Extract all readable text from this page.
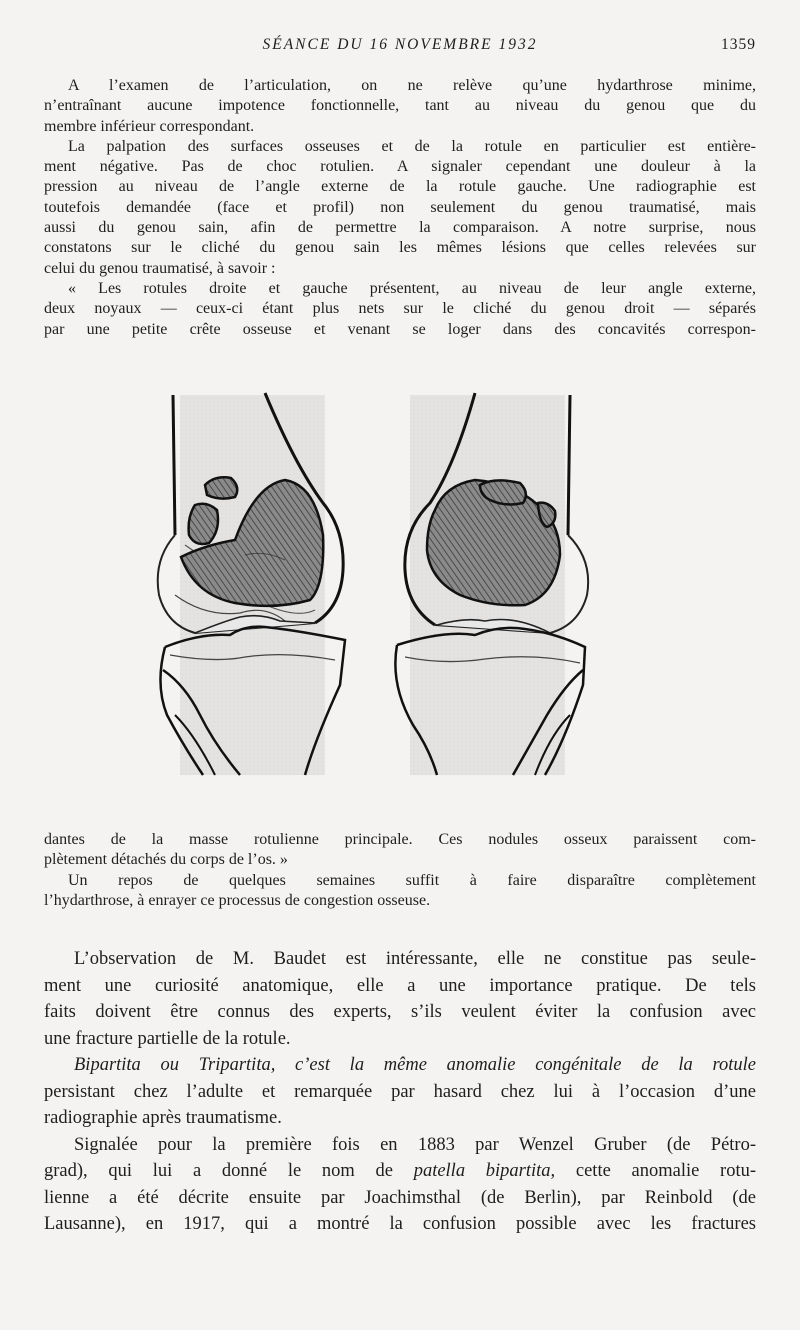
SÉANCE DU 16 NOVEMBRE 1932	1359
A l’examen de l’articulation, on ne relève qu’une hydarthrose minime,
n’entraînant aucune impotence fonctionnelle, tant au niveau du genou que du
membre inférieur correspondant.
La palpation des surfaces osseuses et de la rotule en particulier est entière-
ment négative. Pas de choc rotulien. A signaler cependant une douleur à la
pression au niveau de l’angle externe de la rotule gauche. Une radiographie est
toutefois demandée (face et profil) non seulement du genou traumatisé, mais
aussi du genou sain, afin de permettre la comparaison. A notre surprise, nous
constatons sur le cliché du genou sain les mêmes lésions que celles relevées sur
celui du genou traumatisé, à savoir :
« Les rotules droite et gauche présentent, au niveau de leur angle externe,
deux noyaux — ceux-ci étant plus nets sur le cliché du genou droit — séparés
par une petite crête osseuse et venant se loger dans des concavités correspon-
dantes de la masse rotulienne principale. Ces nodules osseux paraissent com-
plètement détachés du corps de l’os. »
Un repos de quelques semaines suffit à faire disparaître complètement
l’hydarthrose, à enrayer ce processus de congestion osseuse.
L’observation de M. Baudet est intéressante, elle ne constitue pas seule-
ment une curiosité anatomique, elle a une importance pratique. De tels
faits doivent être connus des experts, s’ils veulent éviter la confusion avec
une fracture partielle de la rotule.
Bipartita ou Tripartita, c’est la même anomalie congénitale de la rotule
persistant chez l’adulte et remarquée par hasard chez lui à l’occasion d’une
radiographie après traumatisme.
Signalée pour la première fois en 1883 par Wenzel Gruber (de Pétro-
grad), qui lui a donné le nom de patella bipartita, cette anomalie rotu-
lienne a été décrite ensuite par Joachimsthal (de Berlin), par Reinbold (de
Lausanne), en 1917, qui a montré la confusion possible avec les fractures
